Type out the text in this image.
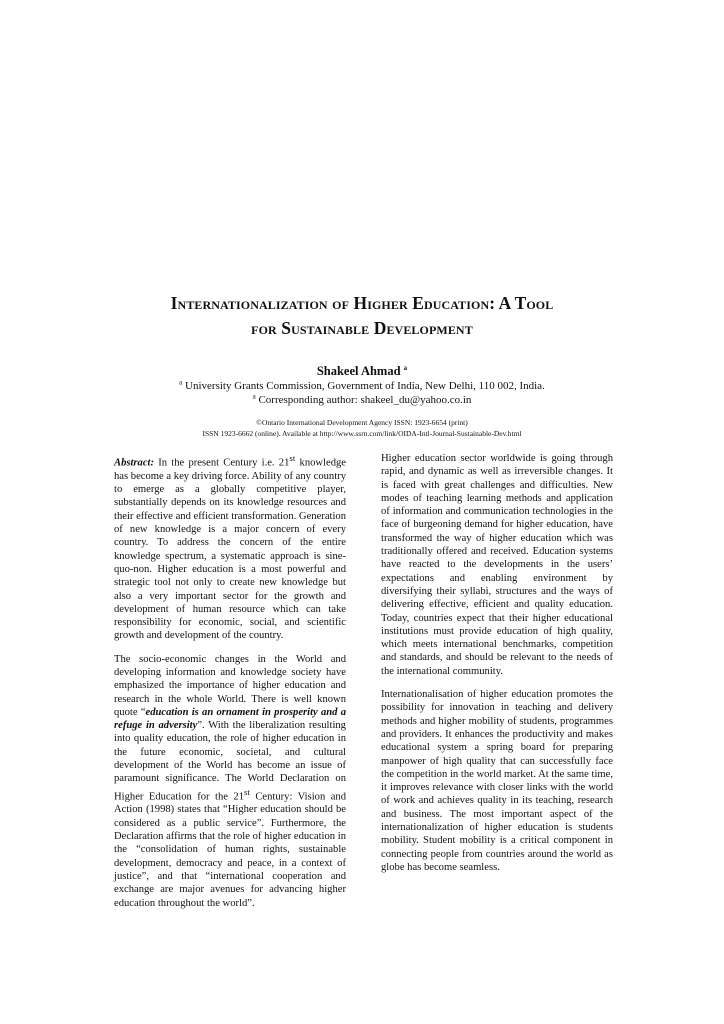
Internationalization of Higher Education: A Tool
for Sustainable Development
Shakeel Ahmad $^a$
$^a$ University Grants Commission, Government of India, New Delhi, 110 002, India.
$^a$ Corresponding author: shakeel_du@yahoo.co.in
©Ontario International Development Agency ISSN: 1923-6654 (print)
ISSN 1923-6662 (online). Available at http://www.ssrn.com/link/OIDA-Intl-Journal-Sustainable-Dev.html

Abstract: In the present Century i.e. 21st knowledge has become a key driving force. Ability of any country to emerge as a globally competitive player, substantially depends on its knowledge resources and their effective and efficient transformation. Generation of new knowledge is a major concern of every country. To address the concern of the entire knowledge spectrum, a systematic approach is sine-quo-non. Higher education is a most powerful and strategic tool not only to create new knowledge but also a very important sector for the growth and development of human resource which can take responsibility for economic, social, and scientific growth and development of the country.

The socio-economic changes in the World and developing information and knowledge society have emphasized the importance of higher education and research in the whole World. There is well known quote “education is an ornament in prosperity and a refuge in adversity”. With the liberalization resulting into quality education, the role of higher education in the future economic, societal, and cultural development of the World has become an issue of paramount significance. The World Declaration on Higher Education for the 21st Century: Vision and Action (1998) states that “Higher education should be considered as a public service”. Furthermore, the Declaration affirms that the role of higher education in the “consolidation of human rights, sustainable development, democracy and peace, in a context of justice”, and that “international cooperation and exchange are major avenues for advancing higher education throughout the world”.

Higher education sector worldwide is going through rapid, and dynamic as well as irreversible changes. It is faced with great challenges and difficulties. New modes of teaching learning methods and application of information and communication technologies in the face of burgeoning demand for higher education, have transformed the way of higher education which was traditionally offered and received. Education systems have reacted to the developments in the users’ expectations and enabling environment by diversifying their syllabi, structures and the ways of delivering effective, efficient and quality education. Today, countries expect that their higher educational institutions must provide education of high quality, which meets international benchmarks, competition and standards, and should be relevant to the needs of the international community.

Internationalisation of higher education promotes the possibility for innovation in teaching and delivery methods and higher mobility of students, programmes and providers. It enhances the productivity and makes educational system a spring board for preparing manpower of high quality that can successfully face the competition in the world market. At the same time, it improves relevance with closer links with the world of work and achieves quality in its teaching, research and business. The most important aspect of the internationalization of higher education is students mobility. Student mobility is a critical component in connecting people from countries around the world as globe has become seamless.
